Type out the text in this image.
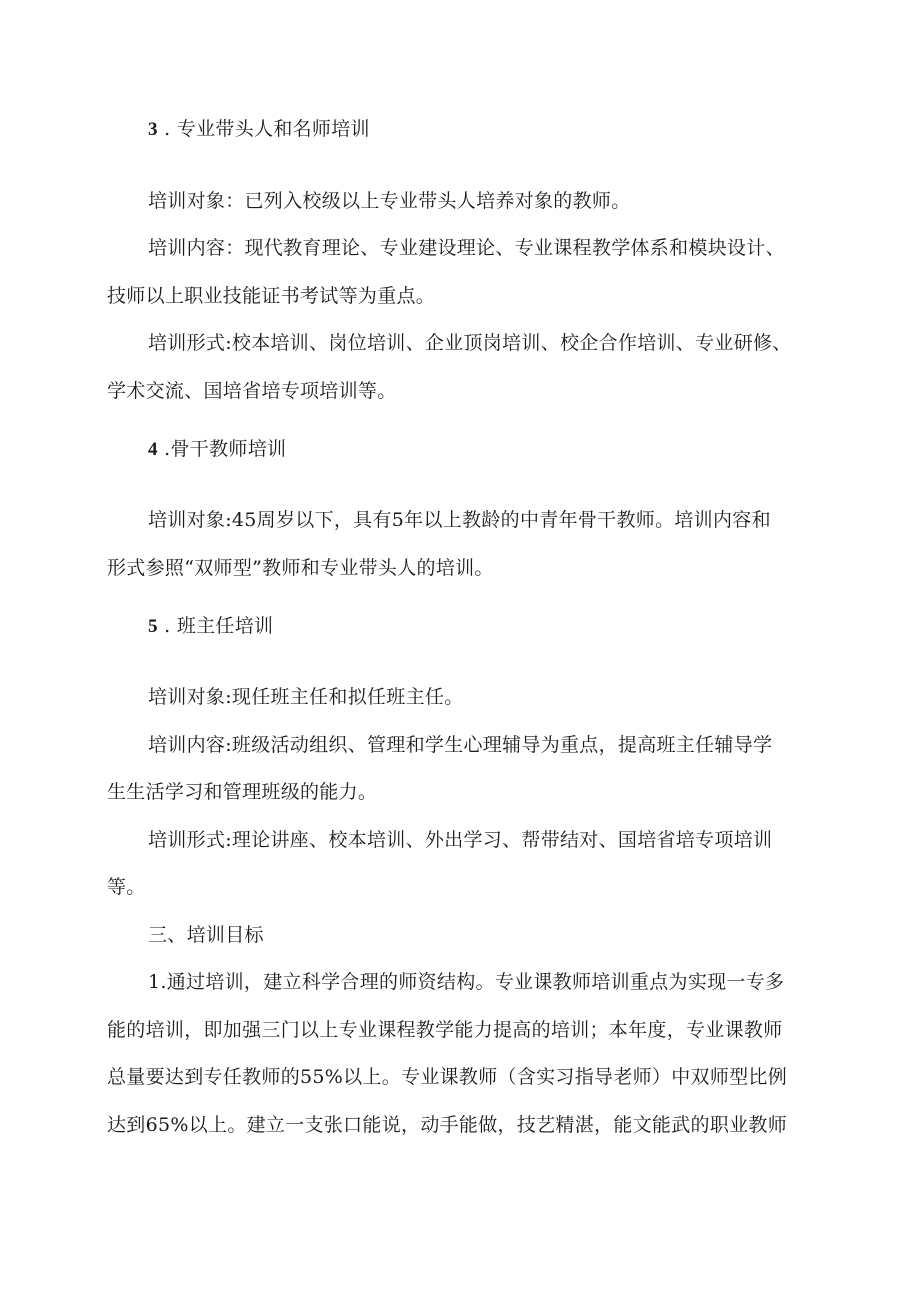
3 . 专业带头人和名师培训
培训对象：已列入校级以上专业带头人培养对象的教师。
培训内容：现代教育理论、专业建设理论、专业课程教学体系和模块设计、
技师以上职业技能证书考试等为重点。
培训形式:校本培训、岗位培训、企业顶岗培训、校企合作培训、专业研修、
学术交流、国培省培专项培训等。
4 .骨干教师培训
培训对象:45周岁以下，具有5年以上教龄的中青年骨干教师。培训内容和
形式参照“双师型”教师和专业带头人的培训。
5 . 班主任培训
培训对象:现任班主任和拟任班主任。
培训内容:班级活动组织、管理和学生心理辅导为重点，提高班主任辅导学
生生活学习和管理班级的能力。
培训形式:理论讲座、校本培训、外出学习、帮带结对、国培省培专项培训
等。
三、培训目标
1.通过培训，建立科学合理的师资结构。专业课教师培训重点为实现一专多
能的培训，即加强三门以上专业课程教学能力提高的培训；本年度，专业课教师
总量要达到专任教师的55%以上。专业课教师（含实习指导老师）中双师型比例
达到65%以上。建立一支张口能说，动手能做，技艺精湛，能文能武的职业教师
